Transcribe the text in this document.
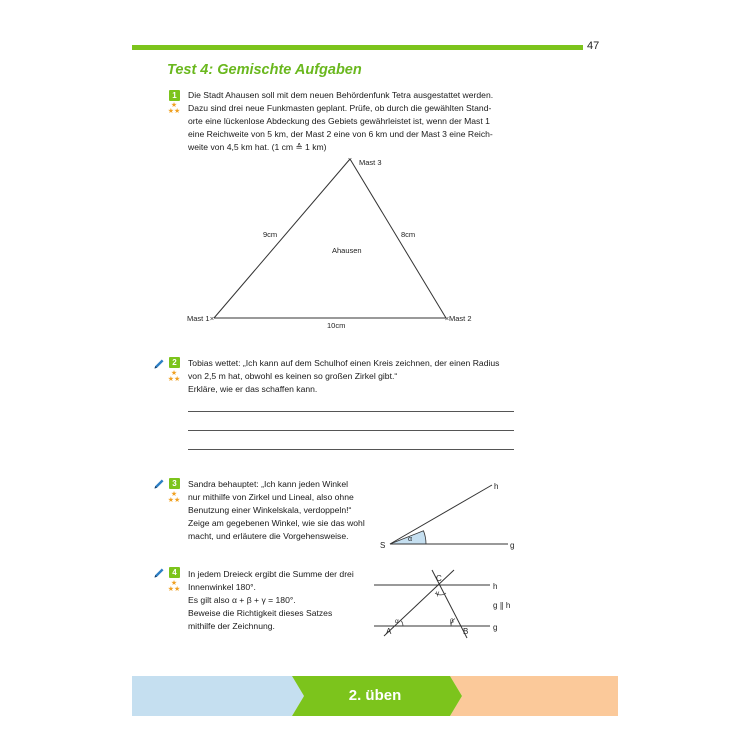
47
Test 4: Gemischte Aufgaben
1
★ ★★

Die Stadt Ahausen soll mit dem neuen Behördenfunk Tetra ausgestattet werden.

Dazu sind drei neue Funkmasten geplant. Prüfe, ob durch die gewählten Stand-

orte eine lückenlose Abdeckung des Gebiets gewährleistet ist, wenn der Mast 1

eine Reichweite von 5 km, der Mast 2 eine von 6 km und der Mast 3 eine Reich-

weite von 4,5 km hat. (1 cm ≙ 1 km)

×	×
×
Mast 1	Mast 2
Mast 3
Ahausen
9cm	8cm
10cm
2
★ ★★

Tobias wettet: „Ich kann auf dem Schulhof einen Kreis zeichnen, der einen Radius

von 2,5 m hat, obwohl es keinen so großen Zirkel gibt.“

Erkläre, wie er das schaffen kann.

3
★ ★★

Sandra behauptet: „Ich kann jeden Winkel

nur mithilfe von Zirkel und Lineal, also ohne

Benutzung einer Winkelskala, verdoppeln!“

Zeige am gegebenen Winkel, wie sie das wohl

macht, und erläutere die Vorgehensweise.

S
h
g
α
4
★ ★★

In jedem Dreieck ergibt die Summe der drei

Innenwinkel 180°.

Es gilt also α + β + γ = 180°.

Beweise die Richtigkeit dieses Satzes

mithilfe der Zeichnung.

A	B
C
h
g
g ∥ h
α	β
γ
2. üben
